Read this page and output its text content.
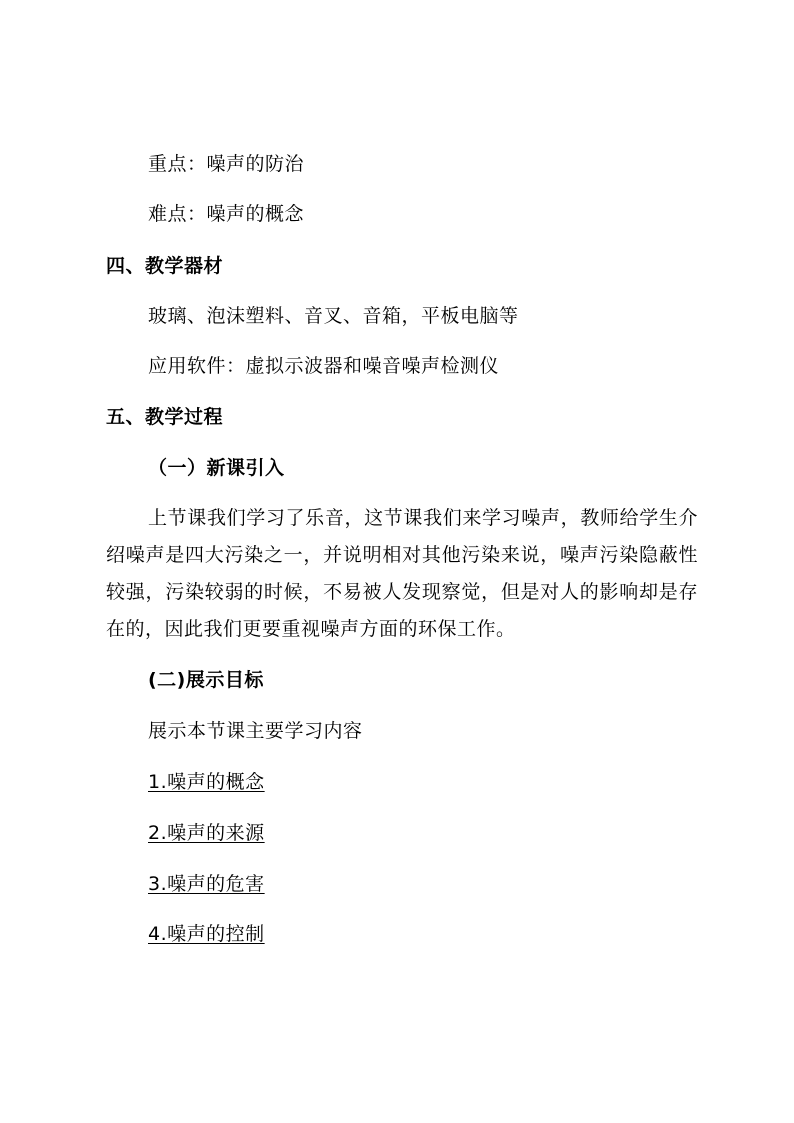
重点：噪声的防治
难点：噪声的概念
四、教学器材
玻璃、泡沫塑料、音叉、音箱，平板电脑等
应用软件：虚拟示波器和噪音噪声检测仪
五、教学过程
（一）新课引入
上节课我们学习了乐音，这节课我们来学习噪声，教师给学生介绍噪声是四大污染之一，并说明相对其他污染来说，噪声污染隐蔽性较强，污染较弱的时候，不易被人发现察觉，但是对人的影响却是存在的，因此我们更要重视噪声方面的环保工作。
(二)展示目标
展示本节课主要学习内容
1.噪声的概念
2.噪声的来源
3.噪声的危害
4.噪声的控制
